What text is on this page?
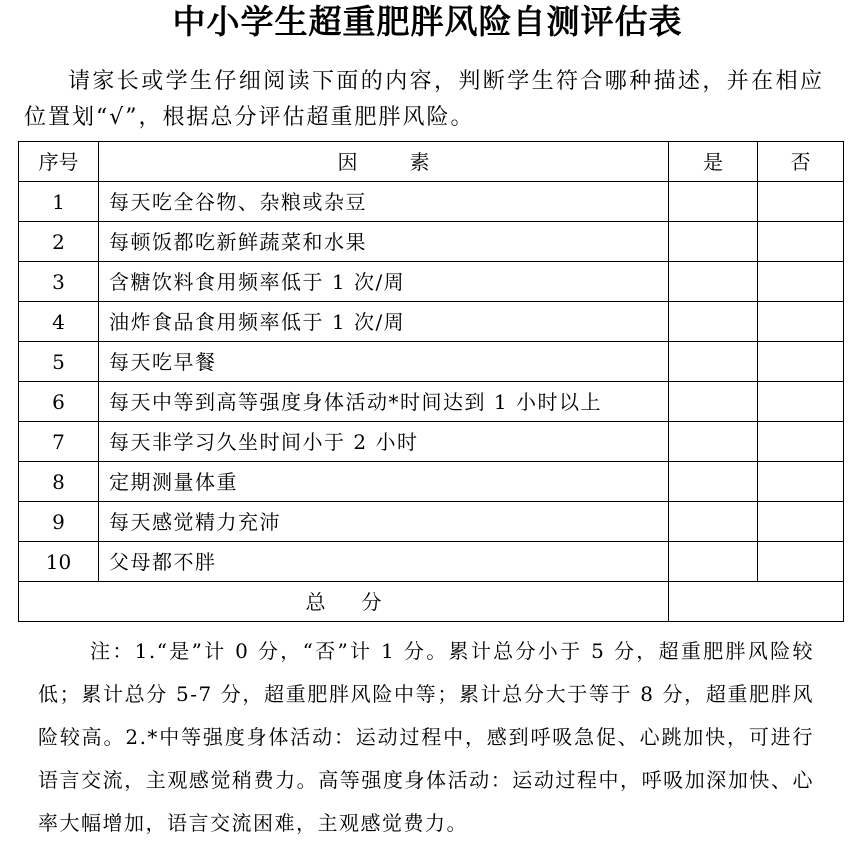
中小学生超重肥胖风险自测评估表

请家长或学生仔细阅读下面的内容，判断学生符合哪种描述，并在相应位置划“√”，根据总分评估超重肥胖风险。

序号	因 素	是	否
1	每天吃全谷物、杂粮或杂豆		
2	每顿饭都吃新鲜蔬菜和水果		
3	含糖饮料食用频率低于 1 次/周		
4	油炸食品食用频率低于 1 次/周		
5	每天吃早餐		
6	每天中等到高等强度身体活动*时间达到 1 小时以上		
7	每天非学习久坐时间小于 2 小时		
8	定期测量体重		
9	每天感觉精力充沛		
10	父母都不胖		
总 分			

注：1.“是”计 0 分，“否”计 1 分。累计总分小于 5 分，超重肥胖风险较低；累计总分 5-7 分，超重肥胖风险中等；累计总分大于等于 8 分，超重肥胖风险较高。2.*中等强度身体活动：运动过程中，感到呼吸急促、心跳加快，可进行语言交流，主观感觉稍费力。高等强度身体活动：运动过程中，呼吸加深加快、心率大幅增加，语言交流困难，主观感觉费力。
